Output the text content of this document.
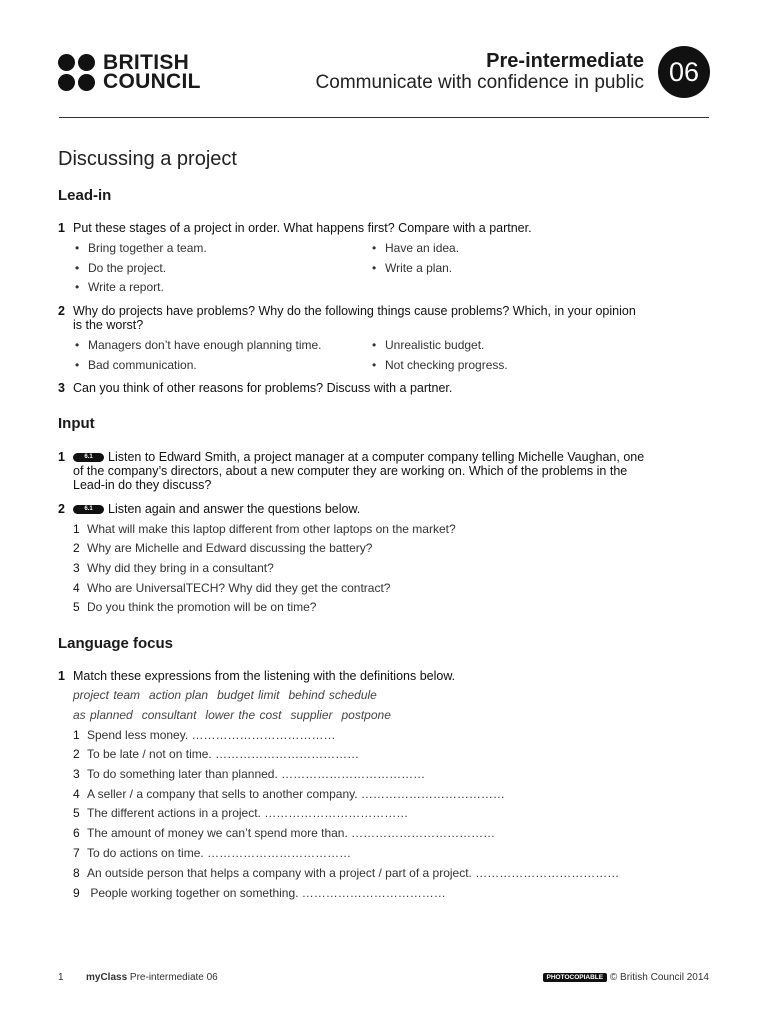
BRITISH
COUNCIL
Pre-intermediate
Communicate with confidence in public 06
Discussing a project
Lead-in
1 Put these stages of a project in order. What happens first? Compare with a partner.
• Bring together a team.	• Have an idea.
• Do the project.	• Write a plan.
• Write a report.
2 Why do projects have problems? Why do the following things cause problems? Which, in your opinion is the worst?
• Managers don’t have enough planning time.	• Unrealistic budget.
• Bad communication.	• Not checking progress.
3 Can you think of other reasons for problems? Discuss with a partner.
Input
1	6.1 Listen to Edward Smith, a project manager at a computer company telling Michelle Vaughan, one of the company’s directors, about a new computer they are working on. Which of the problems in the Lead-in do they discuss?
2	6.1 Listen again and answer the questions below.
1 What will make this laptop different from other laptops on the market?
2 Why are Michelle and Edward discussing the battery?
3 Why did they bring in a consultant?
4 Who are UniversalTECH? Why did they get the contract?
5 Do you think the promotion will be on time?
Language focus
1 Match these expressions from the listening with the definitions below.
project team action plan budget limit behind schedule
as planned consultant lower the cost supplier postpone
1 Spend less money. ………………………………
2 To be late / not on time. ………………………………
3 To do something later than planned. ………………………………
4 A seller / a company that sells to another company. ………………………………
5 The different actions in a project. ………………………………
6 The amount of money we can’t spend more than. ………………………………
7 To do actions on time. ………………………………
8 An outside person that helps a company with a project / part of a project. ………………………………
9 People working together on something. ………………………………
1 myClass Pre-intermediate 06	PHOTOCOPIABLE © British Council 2014
